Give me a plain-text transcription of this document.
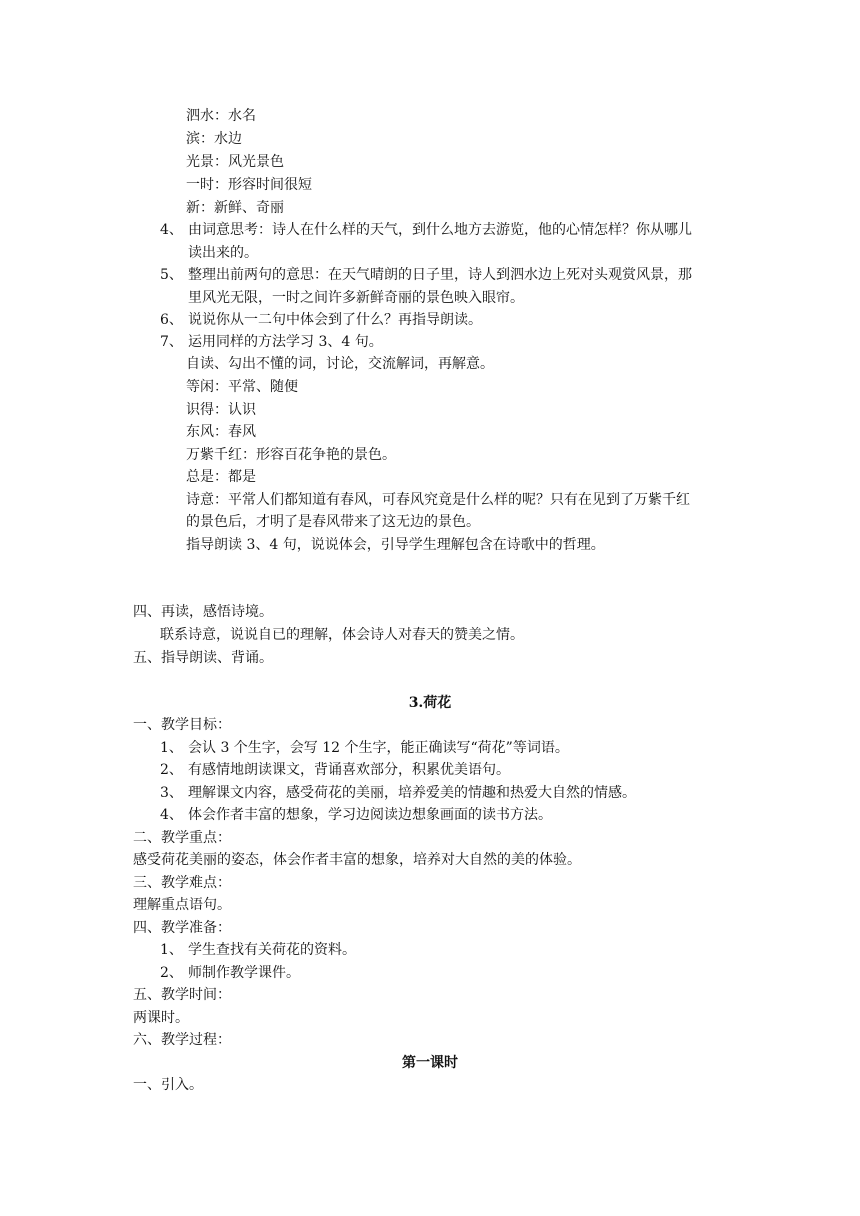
泗水：水名
滨：水边
光景：风光景色
一时：形容时间很短
新：新鲜、奇丽
4、 由词意思考：诗人在什么样的天气，到什么地方去游览，他的心情怎样？你从哪儿
读出来的。
5、 整理出前两句的意思：在天气晴朗的日子里，诗人到泗水边上死对头观赏风景，那
里风光无限，一时之间许多新鲜奇丽的景色映入眼帘。
6、 说说你从一二句中体会到了什么？再指导朗读。
7、 运用同样的方法学习 3、4 句。
自读、勾出不懂的词，讨论，交流解词，再解意。
等闲：平常、随便
识得：认识
东风：春风
万紫千红：形容百花争艳的景色。
总是：都是
诗意：平常人们都知道有春风，可春风究竟是什么样的呢？只有在见到了万紫千红
的景色后，才明了是春风带来了这无边的景色。
指导朗读 3、4 句，说说体会，引导学生理解包含在诗歌中的哲理。
四、再读，感悟诗境。
联系诗意，说说自已的理解，体会诗人对春天的赞美之情。
五、指导朗读、背诵。
3.荷花
一、教学目标：
1、 会认 3 个生字，会写 12 个生字，能正确读写“荷花”等词语。
2、 有感情地朗读课文，背诵喜欢部分，积累优美语句。
3、 理解课文内容，感受荷花的美丽，培养爱美的情趣和热爱大自然的情感。
4、 体会作者丰富的想象，学习边阅读边想象画面的读书方法。
二、教学重点：
感受荷花美丽的姿态，体会作者丰富的想象，培养对大自然的美的体验。
三、教学难点：
理解重点语句。
四、教学准备：
1、 学生查找有关荷花的资料。
2、 师制作教学课件。
五、教学时间：
两课时。
六、教学过程：
第一课时
一、引入。
